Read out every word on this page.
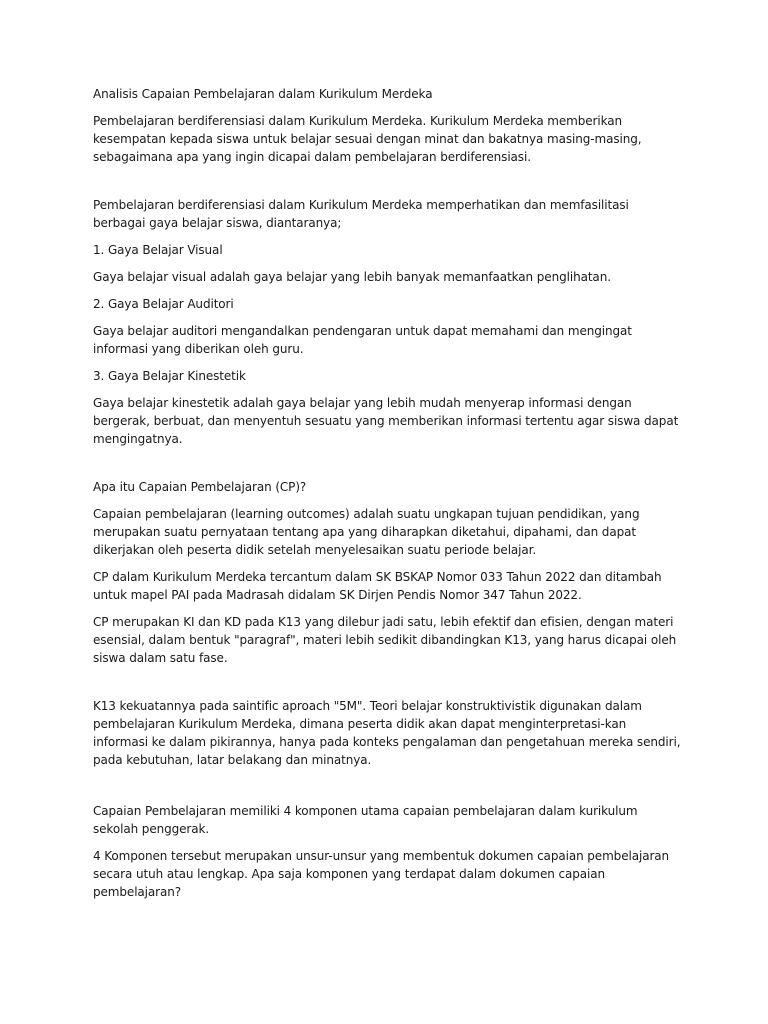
Analisis Capaian Pembelajaran dalam Kurikulum Merdeka

Pembelajaran berdiferensiasi dalam Kurikulum Merdeka. Kurikulum Merdeka memberikan kesempatan kepada siswa untuk belajar sesuai dengan minat dan bakatnya masing-masing, sebagaimana apa yang ingin dicapai dalam pembelajaran berdiferensiasi.

Pembelajaran berdiferensiasi dalam Kurikulum Merdeka memperhatikan dan memfasilitasi berbagai gaya belajar siswa, diantaranya;

1. Gaya Belajar Visual

Gaya belajar visual adalah gaya belajar yang lebih banyak memanfaatkan penglihatan.

2. Gaya Belajar Auditori

Gaya belajar auditori mengandalkan pendengaran untuk dapat memahami dan mengingat informasi yang diberikan oleh guru.

3. Gaya Belajar Kinestetik

Gaya belajar kinestetik adalah gaya belajar yang lebih mudah menyerap informasi dengan bergerak, berbuat, dan menyentuh sesuatu yang memberikan informasi tertentu agar siswa dapat mengingatnya.

Apa itu Capaian Pembelajaran (CP)?

Capaian pembelajaran (learning outcomes) adalah suatu ungkapan tujuan pendidikan, yang merupakan suatu pernyataan tentang apa yang diharapkan diketahui, dipahami, dan dapat dikerjakan oleh peserta didik setelah menyelesaikan suatu periode belajar.

CP dalam Kurikulum Merdeka tercantum dalam SK BSKAP Nomor 033 Tahun 2022 dan ditambah untuk mapel PAI pada Madrasah didalam SK Dirjen Pendis Nomor 347 Tahun 2022.

CP merupakan KI dan KD pada K13 yang dilebur jadi satu, lebih efektif dan efisien, dengan materi esensial, dalam bentuk "paragraf", materi lebih sedikit dibandingkan K13, yang harus dicapai oleh siswa dalam satu fase.

K13 kekuatannya pada saintific aproach "5M". Teori belajar konstruktivistik digunakan dalam pembelajaran Kurikulum Merdeka, dimana peserta didik akan dapat menginterpretasi-kan informasi ke dalam pikirannya, hanya pada konteks pengalaman dan pengetahuan mereka sendiri, pada kebutuhan, latar belakang dan minatnya.

Capaian Pembelajaran memiliki 4 komponen utama capaian pembelajaran dalam kurikulum sekolah penggerak.

4 Komponen tersebut merupakan unsur-unsur yang membentuk dokumen capaian pembelajaran secara utuh atau lengkap. Apa saja komponen yang terdapat dalam dokumen capaian pembelajaran?
